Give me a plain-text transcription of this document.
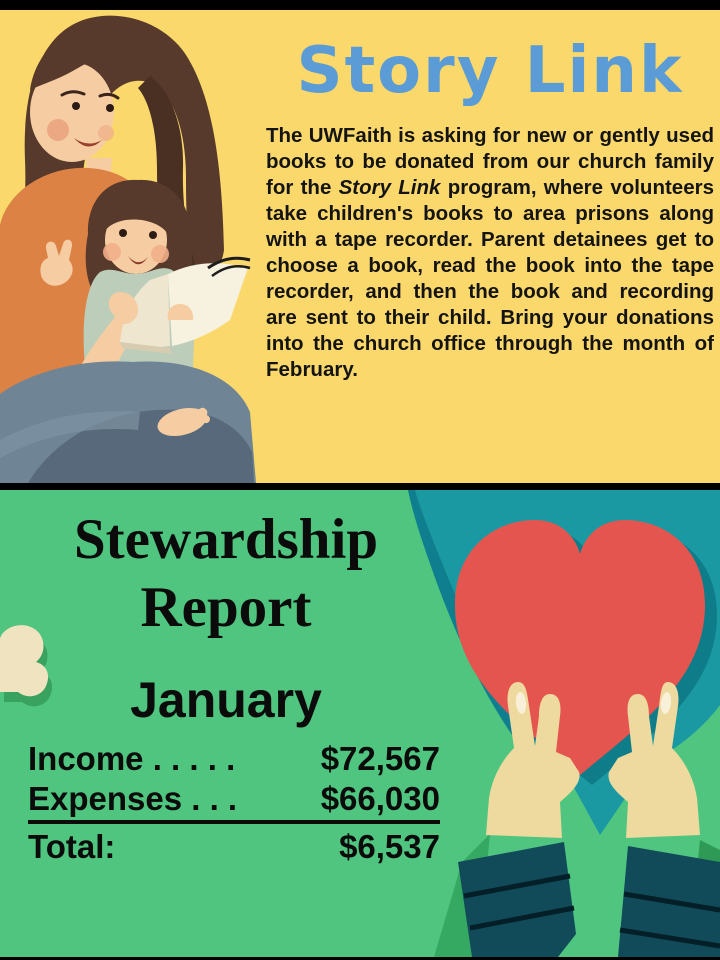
Story Link

The UWFaith is asking for new or gently used books to be donated from our church family for the Story Link program, where volunteers take children's books to area prisons along with a tape recorder. Parent detainees get to choose a book, read the book into the tape recorder, and then the book and recording are sent to their child. Bring your donations into the church office through the month of February.

Stewardship
Report
January
Income . . . . .	$72,567
Expenses . . .	$66,030
Total:	$6,537
